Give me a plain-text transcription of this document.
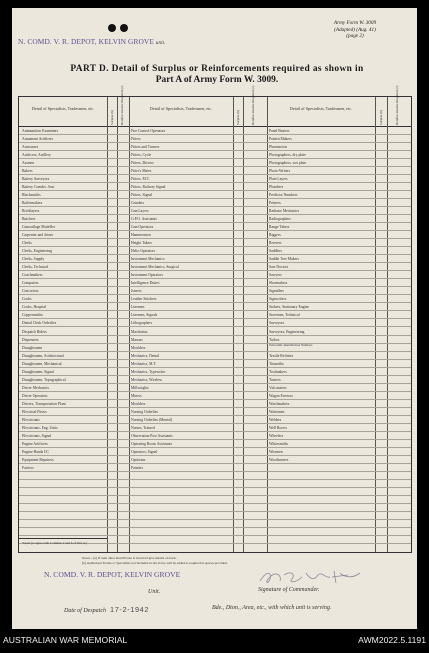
Army Form W. 3009
(Adapted) (Aug. 41)
(page 2)
N. COMD. V. R. DEPOT, KELVIN GROVE unit.
PART D. Detail of Surplus or Reinforcements required as shown in
Part A of Army Form W. 3009.
Detail of Specialists, Tradesmen, etc.
Surplus (b) Reinforcements Required (c)	Detail of Specialists, Tradesmen, etc.
Surplus (b)	Reinforcements Required (c)	Detail of Specialists, Tradesmen, etc.
Surplus (b)	Reinforcements Required (c)
Ammunition Examiners	Fire Control Operators	Panel Beaters
Armament Artificers	Fitters	Pattern Makers
Armourers	Fitters and Turners	Pharmacists
Artificers, Artillery	Fitters, Cycle	Photographers, dry plate
Assmen	Fitters, Drivers	Photographers, wet plate
Bakers	Fitter's Mates	Photo-Writers
Battery Surveyors	Fitters, M.T.	Plate Layers
Battery Comdrs. Asst.	Fitters, Railway Signal	Plumbers
Blacksmiths	Fitters, Signal	Predictor Numbers
Boilermakers	Grinders	Printers
Bricklayers	Gun Layers	Radiator Mechanics
Butchers	G.P.O. Assistants	Radiographers
Camouflage Modeller	Gun Operators	Range Takers
Carpenter and Joiner	Hammermen	Riggers
Clerks	Height Takers	Riveters
Clerks, Engineering	Helio Operators	Saddlers
Clerks, Supply	Instrument Mechanics	Saddle Tree Makers
Clerks, Technical	Instrument Mechanics, Surgical	Saw Doctors
Coachmakers	Instrument Operators	Sawyers
Computers	Intelligence Duties	Shoemakers
Concretors	Joiners	Signallers
Cooks	Leather Stitchers	Signwriters
Cooks, Hospital	Linemen	Stokers, Stationary Engine
Coppersmiths	Linemen, Signals	Storemen, Technical
Dental Clerk Orderlies	Lithographers	Surveyors
Despatch Riders	Machinists	Surveyors, Engineering
Dispensers	Masons	Tailors
Draughtsmen	Moulders
Telecomm. Identification Numbers
Draughtsmen, Architectural	Mechanics, Dental	Textile Refitters
Draughtsmen, Mechanical	Mechanics, M.T.	Tinsmiths
Draughtsmen, Signal	Mechanics, Typewriter	Toolmakers
Draughtsmen, Topographical	Mechanics, Wireless	Turners
Driver Mechanics	Millwrights	Vulcanisers
Driver Operators	Miners	Wagon Erectors
Drivers, Transportation Plant	Moulders	Watchmakers
Electrical Fitters	Nursing Orderlies	Watermen
Electricians	Nursing Orderlies (Mental)	Welders
Electricians, Eng. Units	Nurses, Trained	Well Borers
Electricians, Signal	Observation Post Assistants	Wheelers
Engine Artificers	Operating Room Assistants	Whitesmiths
Engine Hands I/C	Operators, Signal	Wiremen
Equipment Repairers	Opticians	Woodturners
Farriers	Painters
Totals (to agree with Columns 2 and 6 of Part A.)
Notes—(a) If rank other than Private is involved give details on back.
(b) Authorised Trades or Specialists not included in list above will be added as required in spaces provided.
N. COMD. V. R. DEPOT, KELVIN GROVE
Unit.	Signature of Commander.
Date of Despatch 17-2-1942	Bde., Dton., Area, etc., with which unit is serving.
AUSTRALIAN WAR MEMORIAL	AWM2022.5.1191
